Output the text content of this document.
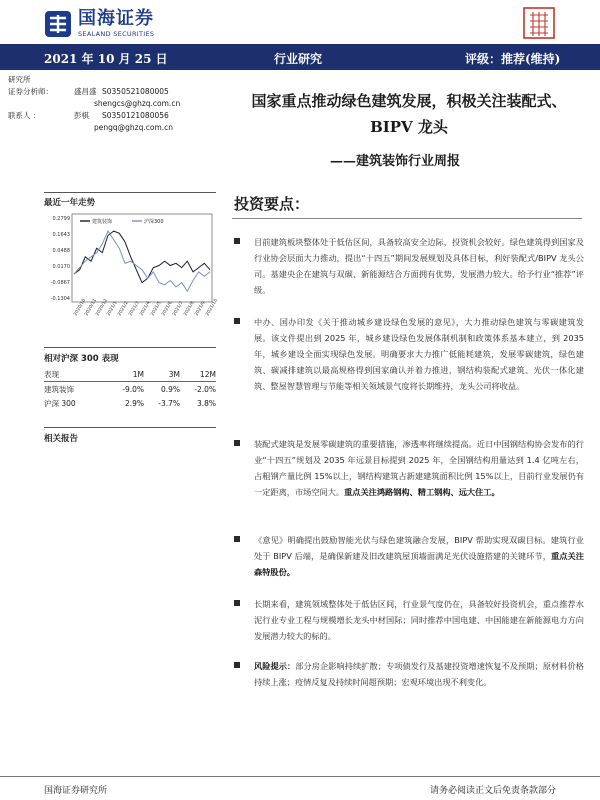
国海证券
SEALAND SECURITIES
2021 年 10 月 25 日	行业研究	评级：推荐(维持)
研究所
证券分析师：	盛昌盛 S0350521080005
shengcs@ghzq.com.cn
联系人 ：	彭棋	S0350121080056
pengq@ghzq.com.cn
国家重点推动绿色建筑发展，积极关注装配式、BIPV 龙头
——建筑装饰行业周报
最近一年走势
0.2799
0.1643
0.0488
0.0170
-0.0867
-0.1304 2020/10
2020/11
2020/12
2021/1
2021/2
2021/3
2021/4
2021/5
2021/6
2021/7
2021/8
2021/9
2021/10
建筑装饰	沪深300
相对沪深 300 表现
表现	1M	3M	12M
建筑装饰	-9.0%	0.9%	-2.0%
沪深 300	2.9%	-3.7%	3.8%
相关报告
投资要点：
目前建筑板块整体处于低估区间，具备较高安全边际，投资机会较好。绿色建筑得到国家及行业协会层面大力推动，提出“十四五”期间发展规划及具体目标，利好装配式/BIPV 龙头公司。基建央企在建筑与双碳、新能源结合方面拥有优势，发展潜力较大。给予行业“推荐”评级。
中办、国办印发《关于推动城乡建设绿色发展的意见》，大力推动绿色建筑与零碳建筑发展。该文件提出到 2025 年，城乡建设绿色发展体制机制和政策体系基本建立，到 2035 年，城乡建设全面实现绿色发展。明确要求大力推广低能耗建筑，发展零碳建筑，绿色建筑、碳减排建筑以最高规格得到国家确认并着力推进，钢结构装配式建筑、光伏一体化建筑、整屋智慧管理与节能等相关领域景气度将长期维持，龙头公司将收益。
装配式建筑是发展零碳建筑的重要措施，渗透率将继续提高。近日中国钢结构协会发布的行业“十四五”规划及 2035 年远景目标提到 2025 年，全国钢结构用量达到 1.4 亿吨左右，占粗钢产量比例 15%以上，钢结构建筑占新建建筑面积比例 15%以上，目前行业发展仍有一定距离，市场空间大。重点关注鸿路钢构、精工钢构、远大住工。
《意见》明确提出鼓励智能光伏与绿色建筑融合发展，BIPV 帮助实现双碳目标。建筑行业处于 BIPV 后端，是确保新建及旧改建筑屋顶墙面满足光伏设施搭建的关键环节，重点关注森特股份。
长期来看，建筑领域整体处于低估区间，行业景气度仍在，具备较好投资机会，重点推荐水泥行业专业工程与规模增长龙头中材国际；同时推荐中国电建、中国能建在新能源电力方向发展潜力较大的标的。
风险提示：部分房企影响持续扩散；专项债发行及基建投资增速恢复不及预期；原材料价格持续上涨；疫情反复及持续时间超预期；宏观环境出现不利变化。
国海证券研究所	请务必阅读正文后免责条款部分
